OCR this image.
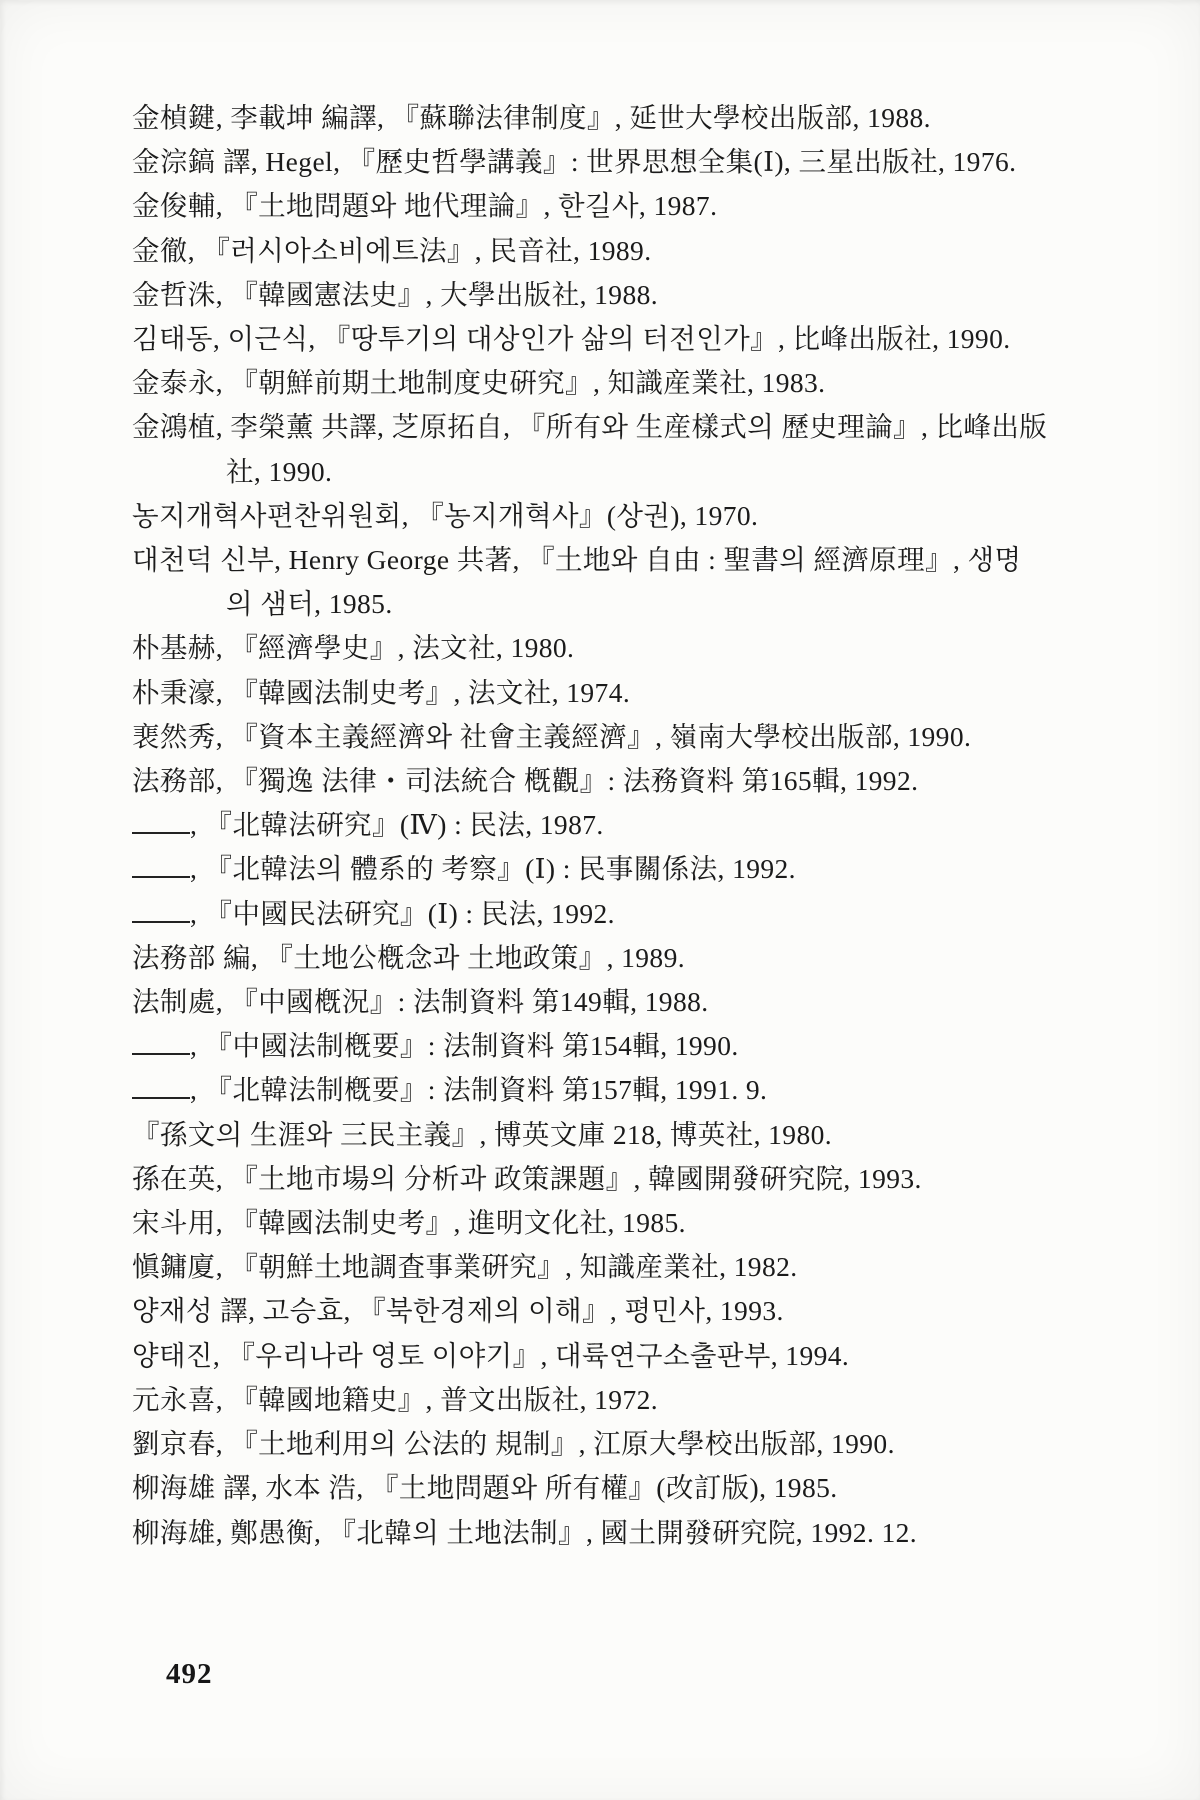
金楨鍵, 李載坤 編譯, 『蘇聯法律制度』, 延世大學校出版部, 1988.
金淙鎬 譯, Hegel, 『歷史哲學講義』: 世界思想全集(Ⅰ), 三星出版社, 1976.
金俊輔, 『土地問題와 地代理論』, 한길사, 1987.
金徹, 『러시아소비에트法』, 民音社, 1989.
金哲洙, 『韓國憲法史』, 大學出版社, 1988.
김태동, 이근식, 『땅투기의 대상인가 삶의 터전인가』, 比峰出版社, 1990.
金泰永, 『朝鮮前期土地制度史硏究』, 知識産業社, 1983.
金鴻植, 李榮薰 共譯, 芝原拓自, 『所有와 生産樣式의 歷史理論』, 比峰出版
社, 1990.
농지개혁사편찬위원회, 『농지개혁사』(상권), 1970.
대천덕 신부, Henry George 共著, 『土地와 自由 : 聖書의 經濟原理』, 생명
의 샘터, 1985.
朴基赫, 『經濟學史』, 法文社, 1980.
朴秉濠, 『韓國法制史考』, 法文社, 1974.
裵然秀, 『資本主義經濟와 社會主義經濟』, 嶺南大學校出版部, 1990.
法務部, 『獨逸 法律・司法統合 槪觀』: 法務資料 第165輯, 1992.
, 『北韓法硏究』(Ⅳ) : 民法, 1987.
, 『北韓法의 體系的 考察』(Ⅰ) : 民事關係法, 1992.
, 『中國民法硏究』(Ⅰ) : 民法, 1992.
法務部 編, 『土地公槪念과 土地政策』, 1989.
法制處, 『中國槪況』: 法制資料 第149輯, 1988.
, 『中國法制槪要』: 法制資料 第154輯, 1990.
, 『北韓法制槪要』: 法制資料 第157輯, 1991. 9.
『孫文의 生涯와 三民主義』, 博英文庫 218, 博英社, 1980.
孫在英, 『土地市場의 分析과 政策課題』, 韓國開發硏究院, 1993.
宋斗用, 『韓國法制史考』, 進明文化社, 1985.
愼鏞廈, 『朝鮮土地調査事業硏究』, 知識産業社, 1982.
양재성 譯, 고승효, 『북한경제의 이해』, 평민사, 1993.
양태진, 『우리나라 영토 이야기』, 대륙연구소출판부, 1994.
元永喜, 『韓國地籍史』, 普文出版社, 1972.
劉京春, 『土地利用의 公法的 規制』, 江原大學校出版部, 1990.
柳海雄 譯, 水本 浩, 『土地問題와 所有權』(改訂版), 1985.
柳海雄, 鄭愚衡, 『北韓의 土地法制』, 國土開發硏究院, 1992. 12.
492
